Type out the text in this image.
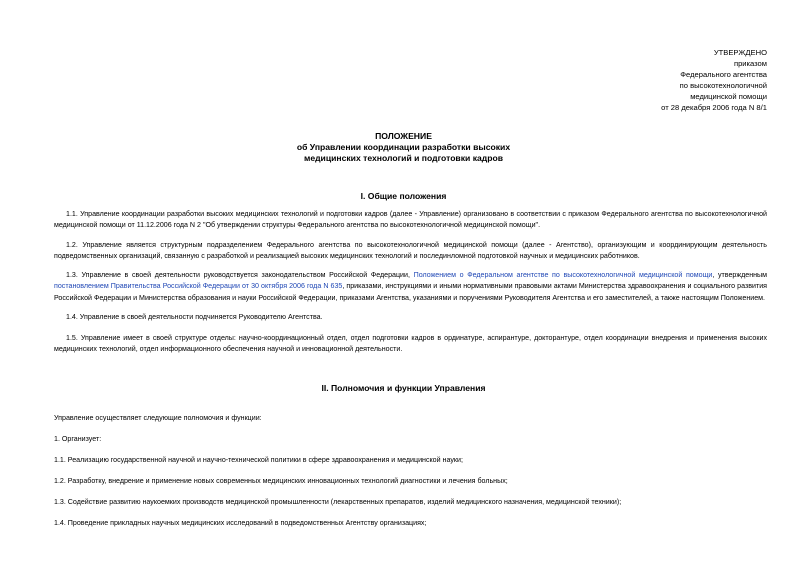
УТВЕРЖДЕНО
приказом
Федерального агентства
по высокотехнологичной
медицинской помощи
от 28 декабря 2006 года N 8/1
ПОЛОЖЕНИЕ
об Управлении координации разработки высоких
медицинских технологий и подготовки кадров
I. Общие положения
1.1. Управление координации разработки высоких медицинских технологий и подготовки кадров (далее - Управление) организовано в соответствии с приказом Федерального агентства по высокотехнологичной медицинской помощи от 11.12.2006 года N 2 "Об утверждении структуры Федерального агентства по высокотехнологичной медицинской помощи".
1.2. Управление является структурным подразделением Федерального агентства по высокотехнологичной медицинской помощи (далее - Агентство), организующим и координирующим деятельность подведомственных организаций, связанную с разработкой и реализацией высоких медицинских технологий и послединломной подготовкой научных и медицинских работников.
1.3. Управление в своей деятельности руководствуется законодательством Российской Федерации, Положением о Федеральном агентстве по высокотехнологичной медицинской помощи, утвержденным постановлением Правительства Российской Федерации от 30 октября 2006 года N 635, приказами, инструкциями и иными нормативными правовыми актами Министерства здравоохранения и социального развития Российской Федерации и Министерства образования и науки Российской Федерации, приказами Агентства, указаниями и поручениями Руководителя Агентства и его заместителей, а также настоящим Положением.
1.4. Управление в своей деятельности подчиняется Руководителю Агентства.
1.5. Управление имеет в своей структуре отделы: научно-координационный отдел, отдел подготовки кадров в ординатуре, аспирантуре, докторантуре, отдел координации внедрения и применения высоких медицинских технологий, отдел информационного обеспечения научной и инновационной деятельности.
II. Полномочия и функции Управления
Управление осуществляет следующие полномочия и функции:
1. Организует:
1.1. Реализацию государственной научной и научно-технической политики в сфере здравоохранения и медицинской науки;
1.2. Разработку, внедрение и применение новых современных медицинских инновационных технологий диагностики и лечения больных;
1.3. Содействие развитию наукоемких производств медицинской промышленности (лекарственных препаратов, изделий медицинского назначения, медицинской техники);
1.4. Проведение прикладных научных медицинских исследований в подведомственных Агентству организациях;
